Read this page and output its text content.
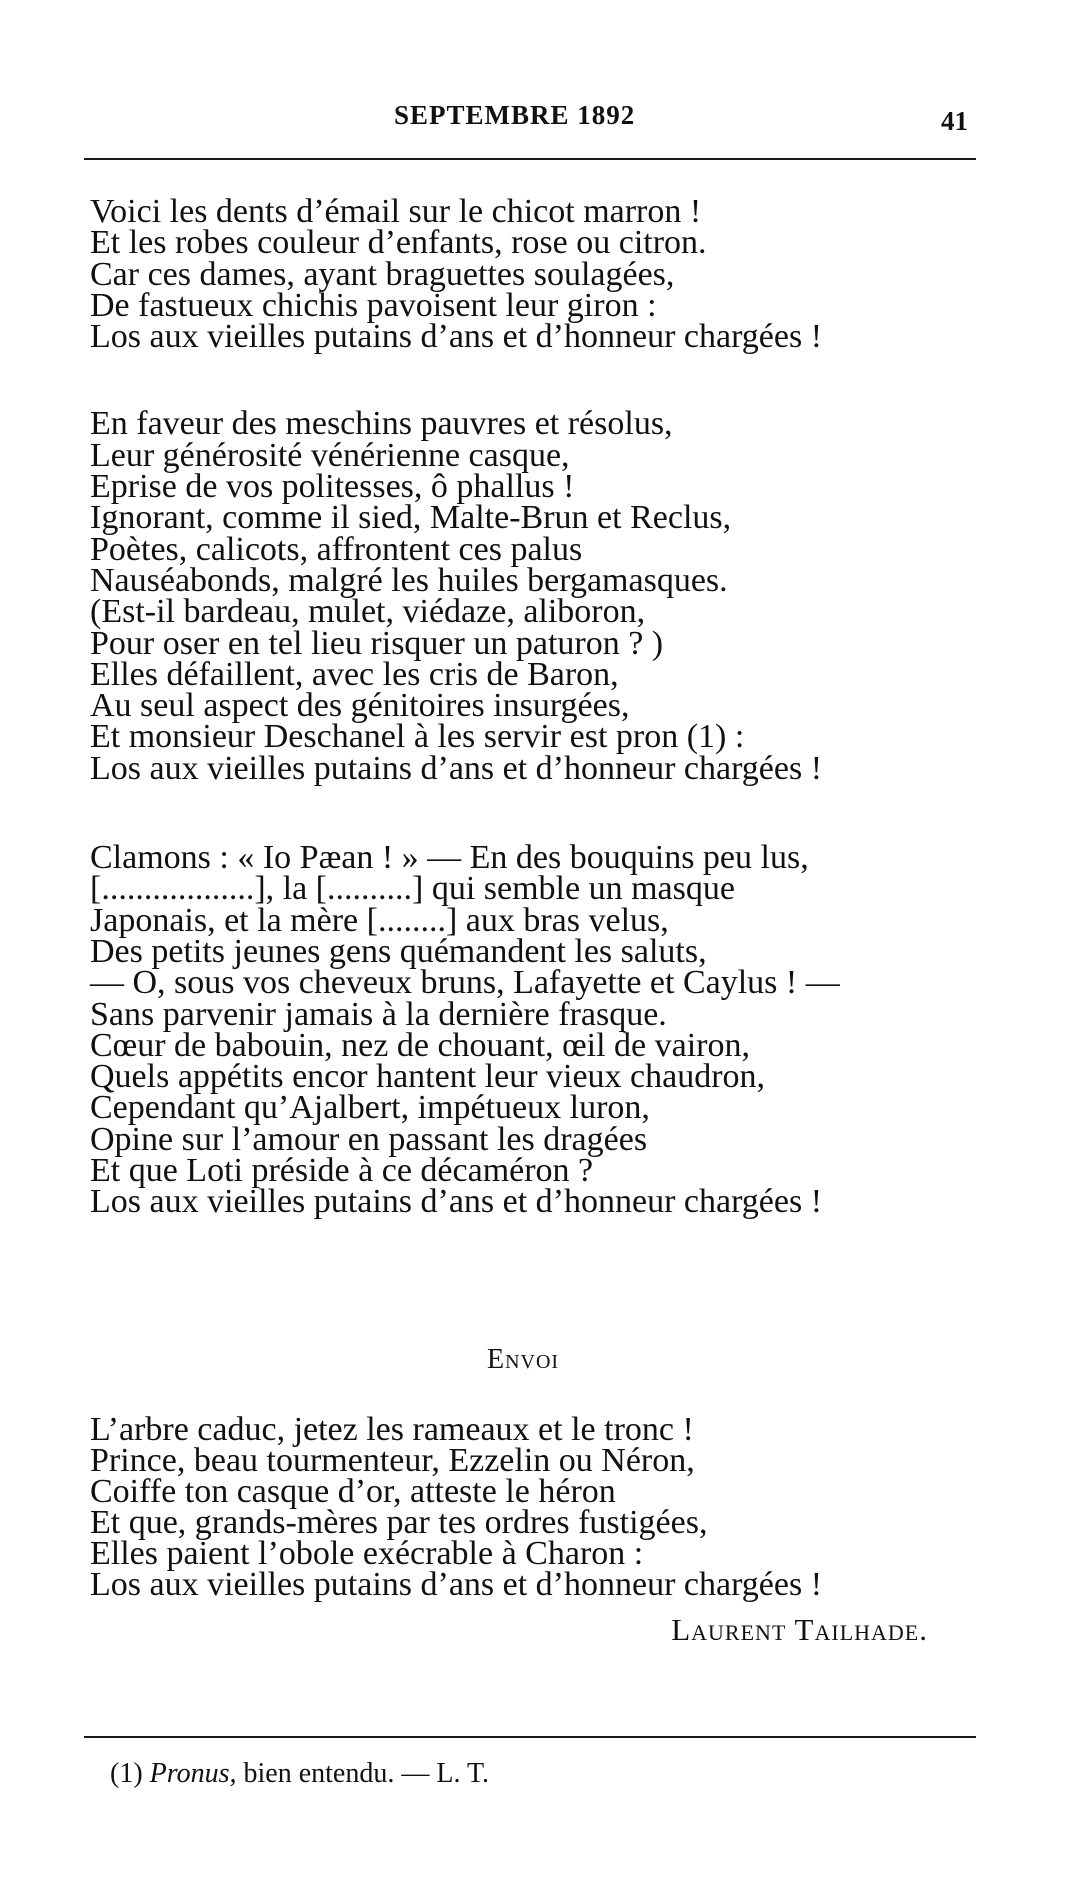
SEPTEMBRE 1892	41
Voici les dents d’émail sur le chicot marron !
Et les robes couleur d’enfants, rose ou citron.
Car ces dames, ayant braguettes soulagées,
De fastueux chichis pavoisent leur giron :
Los aux vieilles putains d’ans et d’honneur chargées !
En faveur des meschins pauvres et résolus,
Leur générosité vénérienne casque,
Eprise de vos politesses, ô phallus !
Ignorant, comme il sied, Malte-Brun et Reclus,
Poètes, calicots, affrontent ces palus
Nauséabonds, malgré les huiles bergamasques.
(Est-il bardeau, mulet, viédaze, aliboron,
Pour oser en tel lieu risquer un paturon ? )
Elles défaillent, avec les cris de Baron,
Au seul aspect des génitoires insurgées,
Et monsieur Deschanel à les servir est pron (1) :
Los aux vieilles putains d’ans et d’honneur chargées !
Clamons : « Io Pæan ! » — En des bouquins peu lus,
[..................], la [..........] qui semble un masque
Japonais, et la mère [........] aux bras velus,
Des petits jeunes gens quémandent les saluts,
— O, sous vos cheveux bruns, Lafayette et Caylus ! —
Sans parvenir jamais à la dernière frasque.
Cœur de babouin, nez de chouant, œil de vairon,
Quels appétits encor hantent leur vieux chaudron,
Cependant qu’Ajalbert, impétueux luron,
Opine sur l’amour en passant les dragées
Et que Loti préside à ce décaméron ?
Los aux vieilles putains d’ans et d’honneur chargées !
Envoi
L’arbre caduc, jetez les rameaux et le tronc !
Prince, beau tourmenteur, Ezzelin ou Néron,
Coiffe ton casque d’or, atteste le héron
Et que, grands-mères par tes ordres fustigées,
Elles paient l’obole exécrable à Charon :
Los aux vieilles putains d’ans et d’honneur chargées !
Laurent Tailhade.
(1) Pronus, bien entendu. — L. T.
